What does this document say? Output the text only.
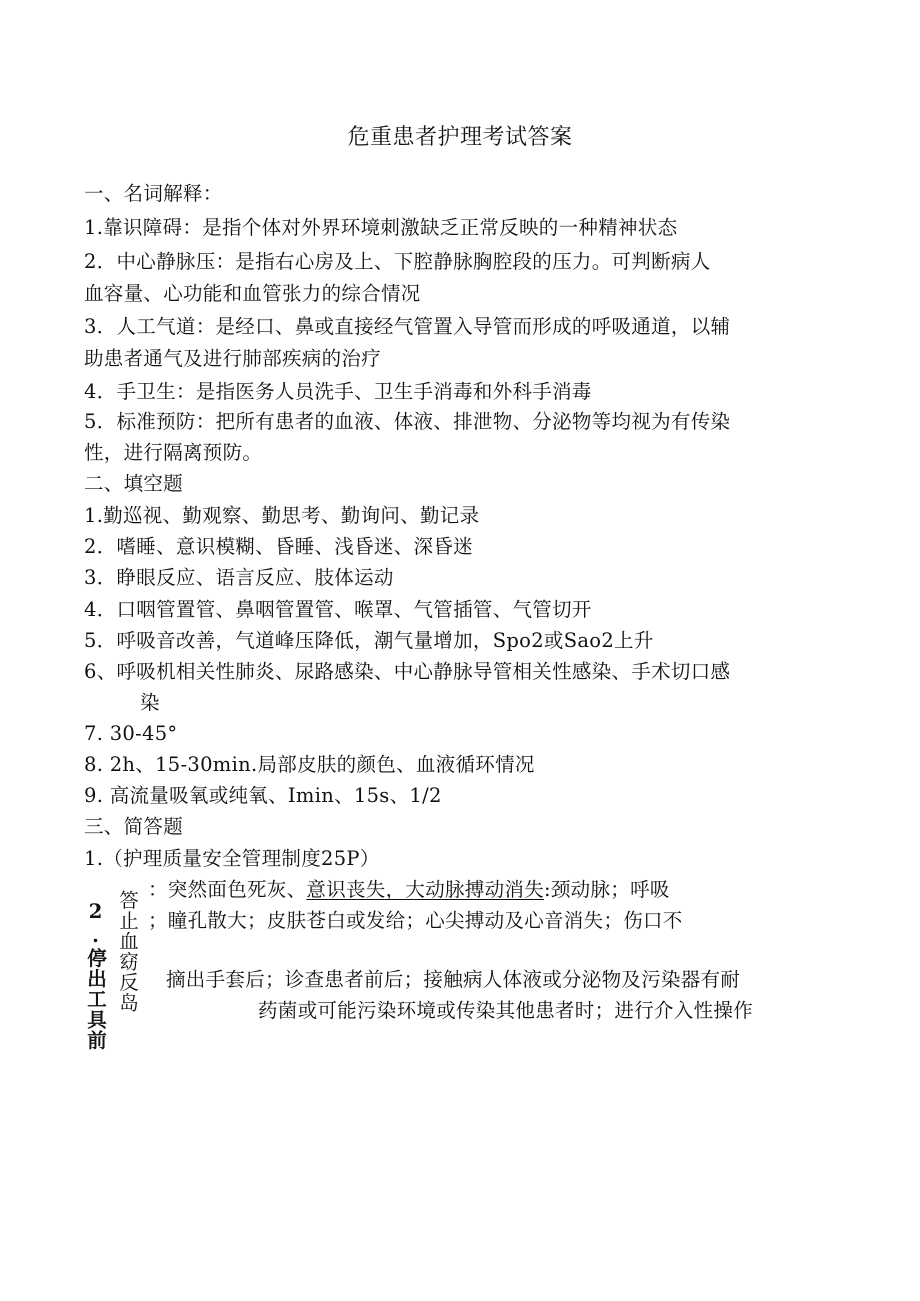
危重患者护理考试答案
一、名词解释：
1.靠识障碍：是指个体对外界环境刺激缺乏正常反映的一种精神状态
2．中心静脉压：是指右心房及上、下腔静脉胸腔段的压力。可判断病人
血容量、心功能和血管张力的综合情况
3．人工气道：是经口、鼻或直接经气管置入导管而形成的呼吸通道，以辅
助患者通气及进行肺部疾病的治疗
4．手卫生：是指医务人员洗手、卫生手消毒和外科手消毒
5．标准预防：把所有患者的血液、体液、排泄物、分泌物等均视为有传染
性，进行隔离预防。
二、填空题
1.勤巡视、勤观察、勤思考、勤询问、勤记录
2．嗜睡、意识模糊、昏睡、浅昏迷、深昏迷
3．睁眼反应、语言反应、肢体运动
4．口咽管置管、鼻咽管置管、喉罩、气管插管、气管切开
5．呼吸音改善，气道峰压降低，潮气量增加，Spo2或Sao2上升
6、呼吸机相关性肺炎、尿路感染、中心静脉导管相关性感染、手术切口感
染
7. 30-45°
8. 2h、15-30min.局部皮肤的颜色、血液循环情况
9. 高流量吸氧或纯氧、Imin、15s、1/2
三、简答题
1.（护理质量安全管理制度25P）
2.停出工具前 答止血窈反岛
：突然面色死灰、意识丧失，大动脉搏动消失:颈动脉；呼吸
；瞳孔散大；皮肤苍白或发给；心尖搏动及心音消失；伤口不
摘出手套后；诊查患者前后；接触病人体液或分泌物及污染器有耐
药菌或可能污染环境或传染其他患者时；进行介入性操作
